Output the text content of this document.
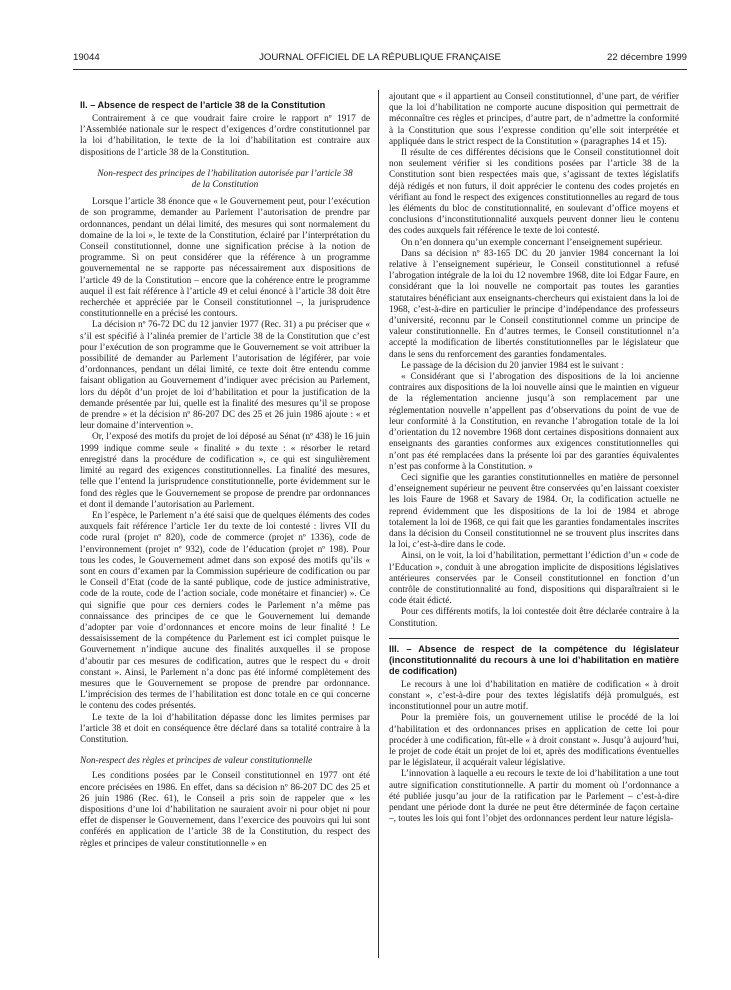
19044	JOURNAL OFFICIEL DE LA RÉPUBLIQUE FRANÇAISE	22 décembre 1999

II. – Absence de respect de l’article 38 de la Constitution

Contrairement à ce que voudrait faire croire le rapport nº 1917 de l’Assemblée nationale sur le respect d’exigences d’ordre constitutionnel par la loi d’habilitation, le texte de la loi d’habilitation est contraire aux dispositions de l’article 38 de la Constitution.

Non-respect des principes de l’habilitation autorisée par l’article 38 de la Constitution

Lorsque l’article 38 énonce que « le Gouvernement peut, pour l’exécution de son programme, demander au Parlement l’autorisation de prendre par ordonnances, pendant un délai limité, des mesures qui sont normalement du domaine de la loi », le texte de la Constitution, éclairé par l’interprétation du Conseil constitutionnel, donne une signification précise à la notion de programme. Si on peut considérer que la référence à un programme gouvernemental ne se rapporte pas nécessairement aux dispositions de l’article 49 de la Constitution – encore que la cohérence entre le programme auquel il est fait référence à l’article 49 et celui énoncé à l’article 38 doit être recherchée et appréciée par le Conseil constitutionnel –, la jurisprudence constitutionnelle en a précisé les contours.

La décision nº 76-72 DC du 12 janvier 1977 (Rec. 31) a pu préciser que « s’il est spécifié à l’alinéa premier de l’article 38 de la Constitution que c’est pour l’exécution de son programme que le Gouvernement se voit attribuer la possibilité de demander au Parlement l’autorisation de légiférer, par voie d’ordonnances, pendant un délai limité, ce texte doit être entendu comme faisant obligation au Gouvernement d’indiquer avec précision au Parlement, lors du dépôt d’un projet de loi d’habilitation et pour la justification de la demande présentée par lui, quelle est la finalité des mesures qu’il se propose de prendre » et la décision nº 86-207 DC des 25 et 26 juin 1986 ajoute : « et leur domaine d’intervention ».

Or, l’exposé des motifs du projet de loi déposé au Sénat (nº 438) le 16 juin 1999 indique comme seule « finalité » du texte : « résorber le retard enregistré dans la procédure de codification », ce qui est singulièrement limité au regard des exigences constitutionnelles. La finalité des mesures, telle que l’entend la jurisprudence constitutionnelle, porte évidemment sur le fond des règles que le Gouvernement se propose de prendre par ordonnances et dont il demande l’autorisation au Parlement.

En l’espèce, le Parlement n’a été saisi que de quelques éléments des codes auxquels fait référence l’article 1er du texte de loi contesté : livres VII du code rural (projet nº 820), code de commerce (projet nº 1336), code de l’environnement (projet nº 932), code de l’éducation (projet nº 198). Pour tous les codes, le Gouvernement admet dans son exposé des motifs qu’ils « sont en cours d’examen par la Commission supérieure de codification ou par le Conseil d’Etat (code de la santé publique, code de justice administrative, code de la route, code de l’action sociale, code monétaire et financier) ». Ce qui signifie que pour ces derniers codes le Parlement n’a même pas connaissance des principes de ce que le Gouvernement lui demande d’adopter par voie d’ordonnances et encore moins de leur finalité ! Le dessaisissement de la compétence du Parlement est ici complet puisque le Gouvernement n’indique aucune des finalités auxquelles il se propose d’aboutir par ces mesures de codification, autres que le respect du « droit constant ». Ainsi, le Parlement n’a donc pas été informé complètement des mesures que le Gouvernement se propose de prendre par ordonnance. L’imprécision des termes de l’habilitation est donc totale en ce qui concerne le contenu des codes présentés.

Le texte de la loi d’habilitation dépasse donc les limites permises par l’article 38 et doit en conséquence être déclaré dans sa totalité contraire à la Constitution.

Non-respect des règles et principes de valeur constitutionnelle

Les conditions posées par le Conseil constitutionnel en 1977 ont été encore précisées en 1986. En effet, dans sa décision nº 86-207 DC des 25 et 26 juin 1986 (Rec. 61), le Conseil a pris soin de rappeler que « les dispositions d’une loi d’habilitation ne sauraient avoir ni pour objet ni pour effet de dispenser le Gouvernement, dans l’exercice des pouvoirs qui lui sont conférés en application de l’article 38 de la Constitution, du respect des règles et principes de valeur constitutionnelle » en

ajoutant que « il appartient au Conseil constitutionnel, d’une part, de vérifier que la loi d’habilitation ne comporte aucune disposition qui permettrait de méconnaître ces règles et principes, d’autre part, de n’admettre la conformité à la Constitution que sous l’expresse condition qu’elle soit interprétée et appliquée dans le strict respect de la Constitution » (paragraphes 14 et 15).

Il résulte de ces différentes décisions que le Conseil constitutionnel doit non seulement vérifier si les conditions posées par l’article 38 de la Constitution sont bien respectées mais que, s’agissant de textes législatifs déjà rédigés et non futurs, il doit apprécier le contenu des codes projetés en vérifiant au fond le respect des exigences constitutionnelles au regard de tous les éléments du bloc de constitutionnalité, en soulevant d’office moyens et conclusions d’inconstitutionnalité auxquels peuvent donner lieu le contenu des codes auxquels fait référence le texte de loi contesté.

On n’en donnera qu’un exemple concernant l’enseignement supérieur.

Dans sa décision nº 83-165 DC du 20 janvier 1984 concernant la loi relative à l’enseignement supérieur, le Conseil constitutionnel a refusé l’abrogation intégrale de la loi du 12 novembre 1968, dite loi Edgar Faure, en considérant que la loi nouvelle ne comportait pas toutes les garanties statutaires bénéficiant aux enseignants-chercheurs qui existaient dans la loi de 1968, c’est-à-dire en particulier le principe d’indépendance des professeurs d’université, reconnu par le Conseil constitutionnel comme un principe de valeur constitutionnelle. En d’autres termes, le Conseil constitutionnel n’a accepté la modification de libertés constitutionnelles par le législateur que dans le sens du renforcement des garanties fondamentales.

Le passage de la décision du 20 janvier 1984 est le suivant :

« Considérant que si l’abrogation des dispositions de la loi ancienne contraires aux dispositions de la loi nouvelle ainsi que le maintien en vigueur de la réglementation ancienne jusqu’à son remplacement par une réglementation nouvelle n’appellent pas d’observations du point de vue de leur conformité à la Constitution, en revanche l’abrogation totale de la loi d’orientation du 12 novembre 1968 dont certaines dispositions donnaient aux enseignants des garanties conformes aux exigences constitutionnelles qui n’ont pas été remplacées dans la présente loi par des garanties équivalentes n’est pas conforme à la Constitution. »

Ceci signifie que les garanties constitutionnelles en matière de personnel d’enseignement supérieur ne peuvent être conservées qu’en laissant coexister les lois Faure de 1968 et Savary de 1984. Or, la codification actuelle ne reprend évidemment que les dispositions de la loi de 1984 et abroge totalement la loi de 1968, ce qui fait que les garanties fondamentales inscrites dans la décision du Conseil constitutionnel ne se trouvent plus inscrites dans la loi, c’est-à-dire dans le code.

Ainsi, on le voit, la loi d’habilitation, permettant l’édiction d’un « code de l’Education », conduit à une abrogation implicite de dispositions législatives antérieures conservées par le Conseil constitutionnel en fonction d’un contrôle de constitutionnalité au fond, dispositions qui disparaîtraient si le code était édicté.

Pour ces différents motifs, la loi contestée doit être déclarée contraire à la Constitution.

III. – Absence de respect de la compétence du législateur (inconstitutionnalité du recours à une loi d’habilitation en matière de codification)

Le recours à une loi d’habilitation en matière de codification « à droit constant », c’est-à-dire pour des textes législatifs déjà promulgués, est inconstitutionnel pour un autre motif.

Pour la première fois, un gouvernement utilise le procédé de la loi d’habilitation et des ordonnances prises en application de cette loi pour procéder à une codification, fût-elle « à droit constant ». Jusqu’à aujourd’hui, le projet de code était un projet de loi et, après des modifications éventuelles par le législateur, il acquérait valeur législative.

L’innovation à laquelle a eu recours le texte de loi d’habilitation a une tout autre signification constitutionnelle. A partir du moment où l’ordonnance a été publiée jusqu’au jour de la ratification par le Parlement – c’est-à-dire pendant une période dont la durée ne peut être déterminée de façon certaine –, toutes les lois qui font l’objet des ordonnances perdent leur nature législa-
